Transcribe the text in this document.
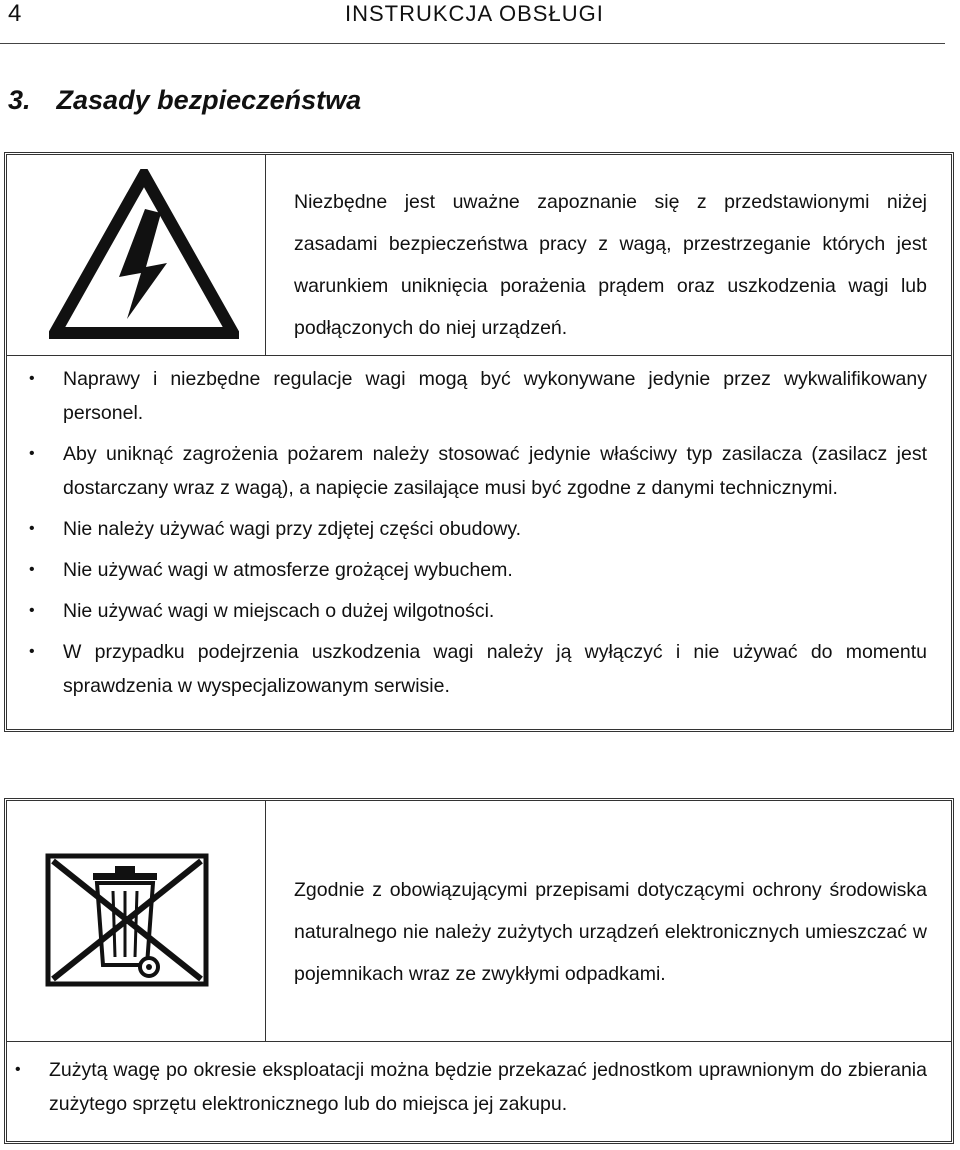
4	INSTRUKCJA OBSŁUGI
3. Zasady bezpieczeństwa

Niezbędne jest uważne zapoznanie się z przedstawionymi niżej zasadami bezpieczeństwa pracy z wagą, przestrzeganie których jest warunkiem uniknięcia porażenia prądem oraz uszkodzenia wagi lub podłączonych do niej urządzeń.

•	Naprawy i niezbędne regulacje wagi mogą być wykonywane jedynie przez wykwalifikowany personel.
•	Aby uniknąć zagrożenia pożarem należy stosować jedynie właściwy typ zasilacza (zasilacz jest dostarczany wraz z wagą), a napięcie zasilające musi być zgodne z danymi technicznymi.
•	Nie należy używać wagi przy zdjętej części obudowy.
•	Nie używać wagi w atmosferze grożącej wybuchem.
•	Nie używać wagi w miejscach o dużej wilgotności.
•	W przypadku podejrzenia uszkodzenia wagi należy ją wyłączyć i nie używać do momentu sprawdzenia w wyspecjalizowanym serwisie.

Zgodnie z obowiązującymi przepisami dotyczącymi ochrony środowiska naturalnego nie należy zużytych urządzeń elektronicznych umieszczać w pojemnikach wraz ze zwykłymi odpadkami.

•	Zużytą wagę po okresie eksploatacji można będzie przekazać jednostkom uprawnionym do zbierania zużytego sprzętu elektronicznego lub do miejsca jej zakupu.
